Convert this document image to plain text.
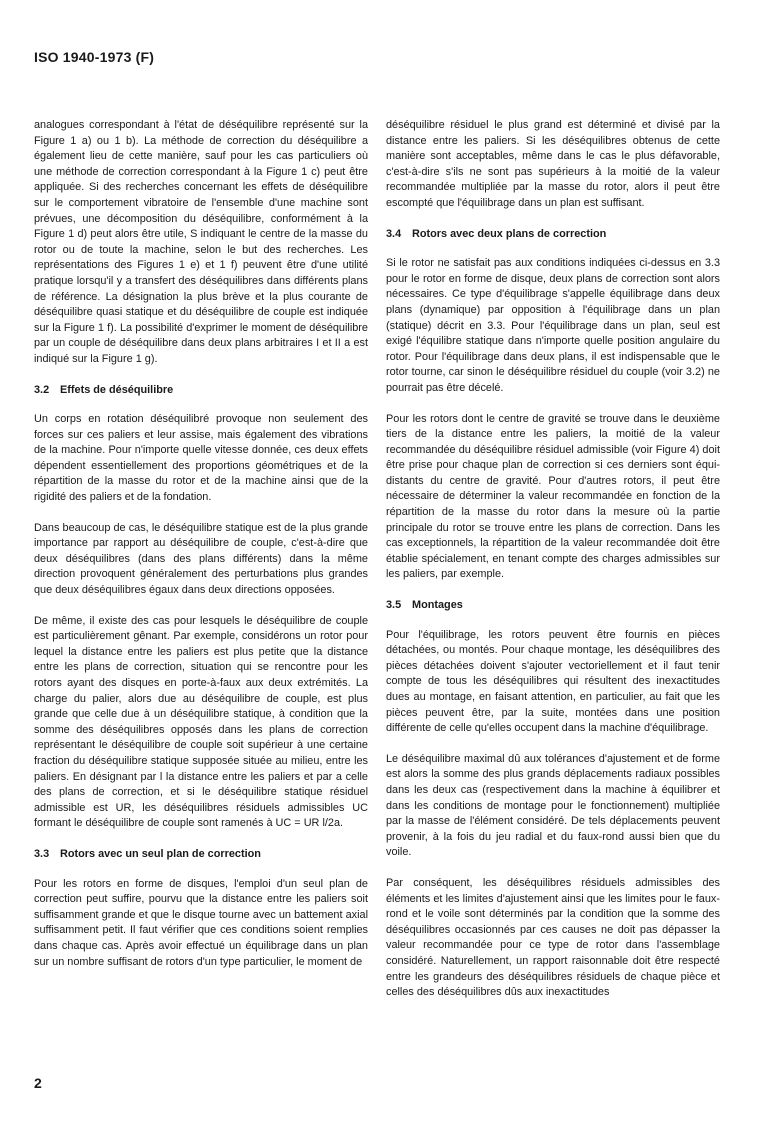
ISO 1940-1973 (F)

analogues correspondant à l'état de déséquilibre représenté sur la Figure 1 a) ou 1 b). La méthode de correction du déséquilibre a également lieu de cette manière, sauf pour les cas particuliers où une méthode de correction correspondant à la Figure 1 c) peut être appliquée. Si des recherches concernant les effets de déséquilibre sur le comportement vibratoire de l'ensemble d'une machine sont prévues, une décomposition du déséquilibre, conformément à la Figure 1 d) peut alors être utile, S indiquant le centre de la masse du rotor ou de toute la machine, selon le but des recherches. Les représentations des Figures 1 e) et 1 f) peuvent être d'une utilité pratique lorsqu'il y a transfert des déséquilibres dans différents plans de référence. La désignation la plus brève et la plus courante de déséquilibre quasi statique et du déséquilibre de couple est indiquée sur la Figure 1 f). La possibilité d'exprimer le moment de déséquilibre par un couple de déséquilibre dans deux plans arbitraires I et II a est indiqué sur la Figure 1 g).

3.2 Effets de déséquilibre

Un corps en rotation déséquilibré provoque non seulement des forces sur ces paliers et leur assise, mais également des vibrations de la machine. Pour n'importe quelle vitesse donnée, ces deux effets dépendent essentiellement des proportions géométriques et de la répartition de la masse du rotor et de la machine ainsi que de la rigidité des paliers et de la fondation.

Dans beaucoup de cas, le déséquilibre statique est de la plus grande importance par rapport au déséquilibre de couple, c'est-à-dire que deux déséquilibres (dans des plans différents) dans la même direction provoquent généralement des perturbations plus grandes que deux déséquilibres égaux dans deux directions opposées.

De même, il existe des cas pour lesquels le déséquilibre de couple est particulièrement gênant. Par exemple, considérons un rotor pour lequel la distance entre les paliers est plus petite que la distance entre les plans de correction, situation qui se rencontre pour les rotors ayant des disques en porte-à-faux aux deux extrémités. La charge du palier, alors due au déséquilibre de couple, est plus grande que celle due à un déséquilibre statique, à condition que la somme des déséquilibres opposés dans les plans de correction représentant le déséquilibre de couple soit supérieur à une certaine fraction du déséquilibre statique supposée située au milieu, entre les paliers. En désignant par l la distance entre les paliers et par a celle des plans de correction, et si le déséquilibre statique résiduel admissible est UR, les déséquilibres résiduels admissibles UC formant le déséquilibre de couple sont ramenés à UC = UR l/2a.

3.3 Rotors avec un seul plan de correction

Pour les rotors en forme de disques, l'emploi d'un seul plan de correction peut suffire, pourvu que la distance entre les paliers soit suffisamment grande et que le disque tourne avec un battement axial suffisamment petit. Il faut vérifier que ces conditions soient remplies dans chaque cas. Après avoir effectué un équilibrage dans un plan sur un nombre suffisant de rotors d'un type particulier, le moment de

déséquilibre résiduel le plus grand est déterminé et divisé par la distance entre les paliers. Si les déséquilibres obtenus de cette manière sont acceptables, même dans le cas le plus défavorable, c'est-à-dire s'ils ne sont pas supérieurs à la moitié de la valeur recommandée multipliée par la masse du rotor, alors il peut être escompté que l'équilibrage dans un plan est suffisant.

3.4 Rotors avec deux plans de correction

Si le rotor ne satisfait pas aux conditions indiquées ci-dessus en 3.3 pour le rotor en forme de disque, deux plans de correction sont alors nécessaires. Ce type d'équilibrage s'appelle équilibrage dans deux plans (dynamique) par opposition à l'équilibrage dans un plan (statique) décrit en 3.3. Pour l'équilibrage dans un plan, seul est exigé l'équilibre statique dans n'importe quelle position angulaire du rotor. Pour l'équilibrage dans deux plans, il est indispensable que le rotor tourne, car sinon le déséquilibre résiduel du couple (voir 3.2) ne pourrait pas être décelé.

Pour les rotors dont le centre de gravité se trouve dans le deuxième tiers de la distance entre les paliers, la moitié de la valeur recommandée du déséquilibre résiduel admissible (voir Figure 4) doit être prise pour chaque plan de correction si ces derniers sont équi-distants du centre de gravité. Pour d'autres rotors, il peut être nécessaire de déterminer la valeur recommandée en fonction de la répartition de la masse du rotor dans la mesure où la partie principale du rotor se trouve entre les plans de correction. Dans les cas exceptionnels, la répartition de la valeur recommandée doit être établie spécialement, en tenant compte des charges admissibles sur les paliers, par exemple.

3.5 Montages

Pour l'équilibrage, les rotors peuvent être fournis en pièces détachées, ou montés. Pour chaque montage, les déséquilibres des pièces détachées doivent s'ajouter vectoriellement et il faut tenir compte de tous les déséquilibres qui résultent des inexactitudes dues au montage, en faisant attention, en particulier, au fait que les pièces peuvent être, par la suite, montées dans une position différente de celle qu'elles occupent dans la machine d'équilibrage.

Le déséquilibre maximal dû aux tolérances d'ajustement et de forme est alors la somme des plus grands déplacements radiaux possibles dans les deux cas (respectivement dans la machine à équilibrer et dans les conditions de montage pour le fonctionnement) multipliée par la masse de l'élément considéré. De tels déplacements peuvent provenir, à la fois du jeu radial et du faux-rond aussi bien que du voile.

Par conséquent, les déséquilibres résiduels admissibles des éléments et les limites d'ajustement ainsi que les limites pour le faux-rond et le voile sont déterminés par la condition que la somme des déséquilibres occasionnés par ces causes ne doit pas dépasser la valeur recommandée pour ce type de rotor dans l'assemblage considéré. Naturellement, un rapport raisonnable doit être respecté entre les grandeurs des déséquilibres résiduels de chaque pièce et celles des déséquilibres dûs aux inexactitudes

2
